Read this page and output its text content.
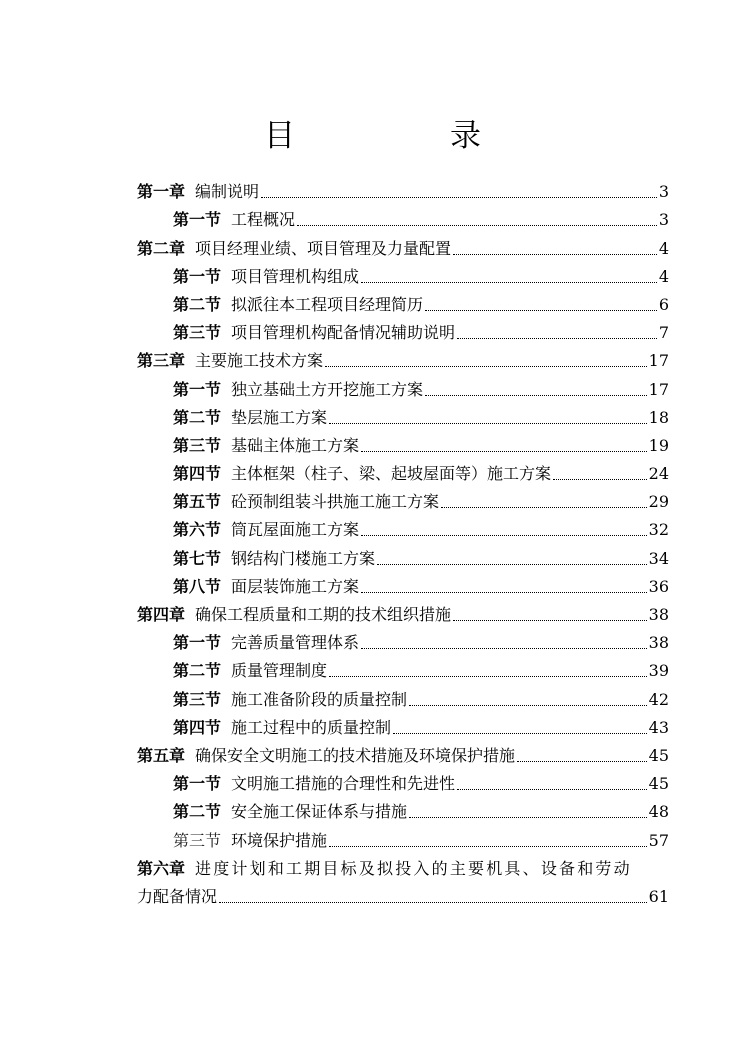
目　录
第一章 编制说明	3
第一节 工程概况	3
第二章 项目经理业绩、项目管理及力量配置	4
第一节 项目管理机构组成	4
第二节 拟派往本工程项目经理简历	6
第三节 项目管理机构配备情况辅助说明	7
第三章 主要施工技术方案	17
第一节 独立基础土方开挖施工方案	17
第二节 垫层施工方案	18
第三节 基础主体施工方案	19
第四节 主体框架（柱子、梁、起坡屋面等）施工方案	24
第五节 砼预制组装斗拱施工施工方案	29
第六节 筒瓦屋面施工方案	32
第七节 钢结构门楼施工方案	34
第八节 面层装饰施工方案	36
第四章 确保工程质量和工期的技术组织措施	38
第一节 完善质量管理体系	38
第二节 质量管理制度	39
第三节 施工准备阶段的质量控制	42
第四节 施工过程中的质量控制	43
第五章 确保安全文明施工的技术措施及环境保护措施	45
第一节 文明施工措施的合理性和先进性	45
第二节 安全施工保证体系与措施	48
第三节 环境保护措施	57
第六章 进度计划和工期目标及拟投入的主要机具、设备和劳动
力配备情况	61
